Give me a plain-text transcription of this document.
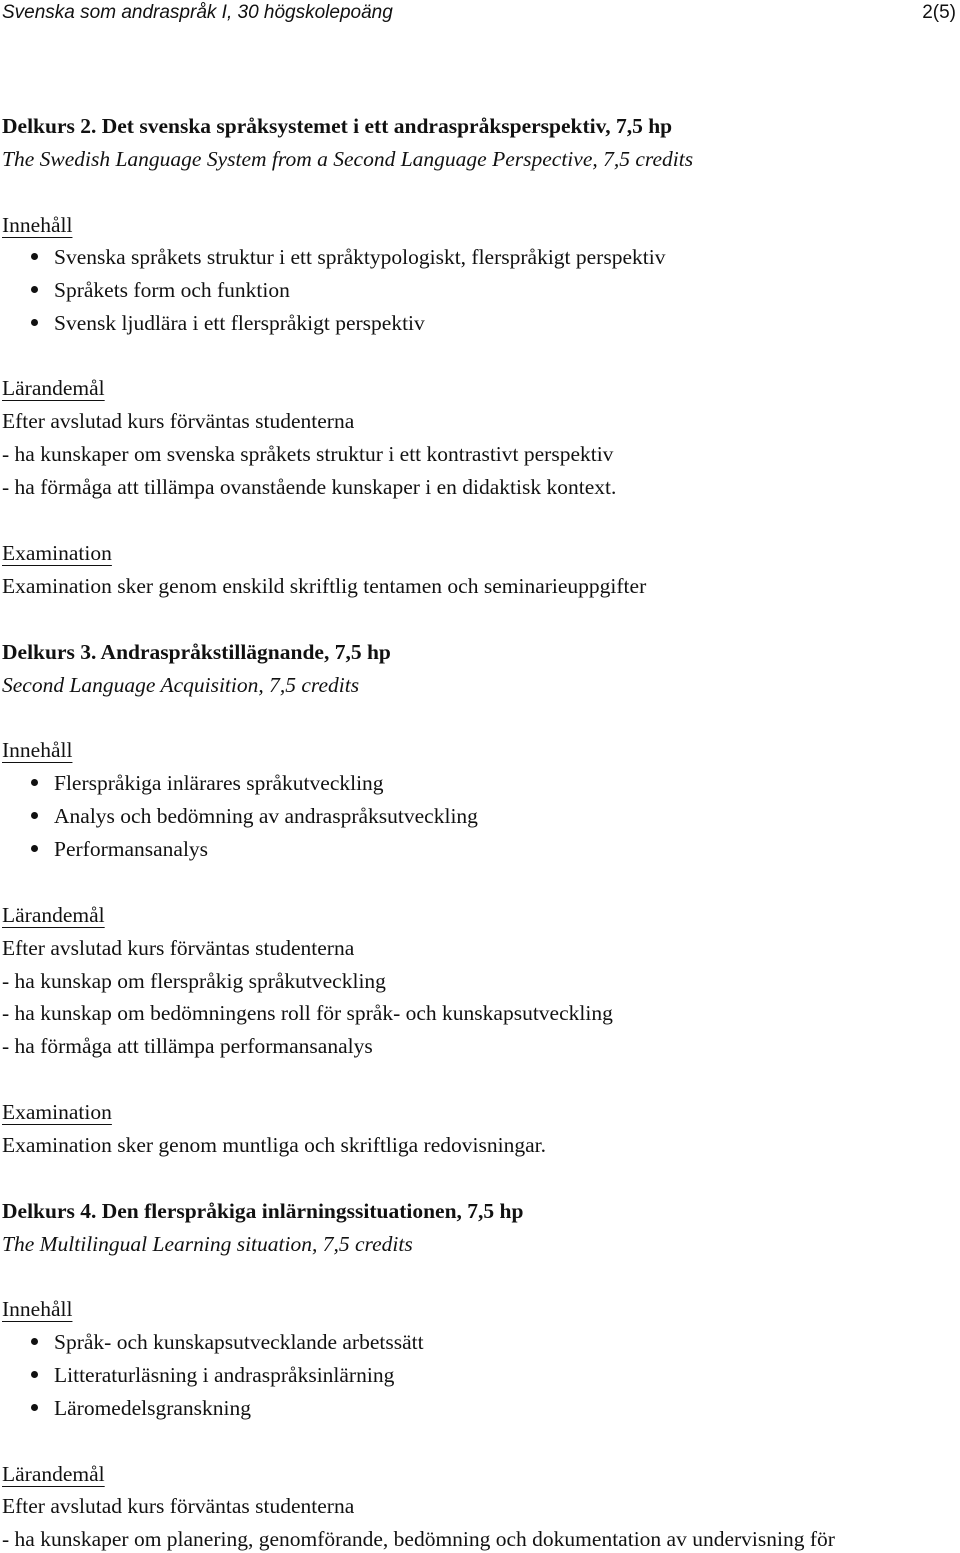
Svenska som andraspråk I, 30 högskolepoäng	2(5)
Delkurs 2. Det svenska språksystemet i ett andraspråksperspektiv, 7,5 hp
The Swedish Language System from a Second Language Perspective, 7,5 credits
Innehåll
Svenska språkets struktur i ett språktypologiskt, flerspråkigt perspektiv
Språkets form och funktion
Svensk ljudlära i ett flerspråkigt perspektiv
Lärandemål
Efter avslutad kurs förväntas studenterna
- ha kunskaper om svenska språkets struktur i ett kontrastivt perspektiv
- ha förmåga att tillämpa ovanstående kunskaper i en didaktisk kontext.
Examination
Examination sker genom enskild skriftlig tentamen och seminarieuppgifter
Delkurs 3. Andraspråkstillägnande, 7,5 hp
Second Language Acquisition, 7,5 credits
Innehåll
Flerspråkiga inlärares språkutveckling
Analys och bedömning av andraspråksutveckling
Performansanalys
Lärandemål
Efter avslutad kurs förväntas studenterna
- ha kunskap om flerspråkig språkutveckling
- ha kunskap om bedömningens roll för språk- och kunskapsutveckling
- ha förmåga att tillämpa performansanalys
Examination
Examination sker genom muntliga och skriftliga redovisningar.
Delkurs 4. Den flerspråkiga inlärningssituationen, 7,5 hp
The Multilingual Learning situation, 7,5 credits
Innehåll
Språk- och kunskapsutvecklande arbetssätt
Litteraturläsning i andraspråksinlärning
Läromedelsgranskning
Lärandemål
Efter avslutad kurs förväntas studenterna
- ha kunskaper om planering, genomförande, bedömning och dokumentation av undervisning för
